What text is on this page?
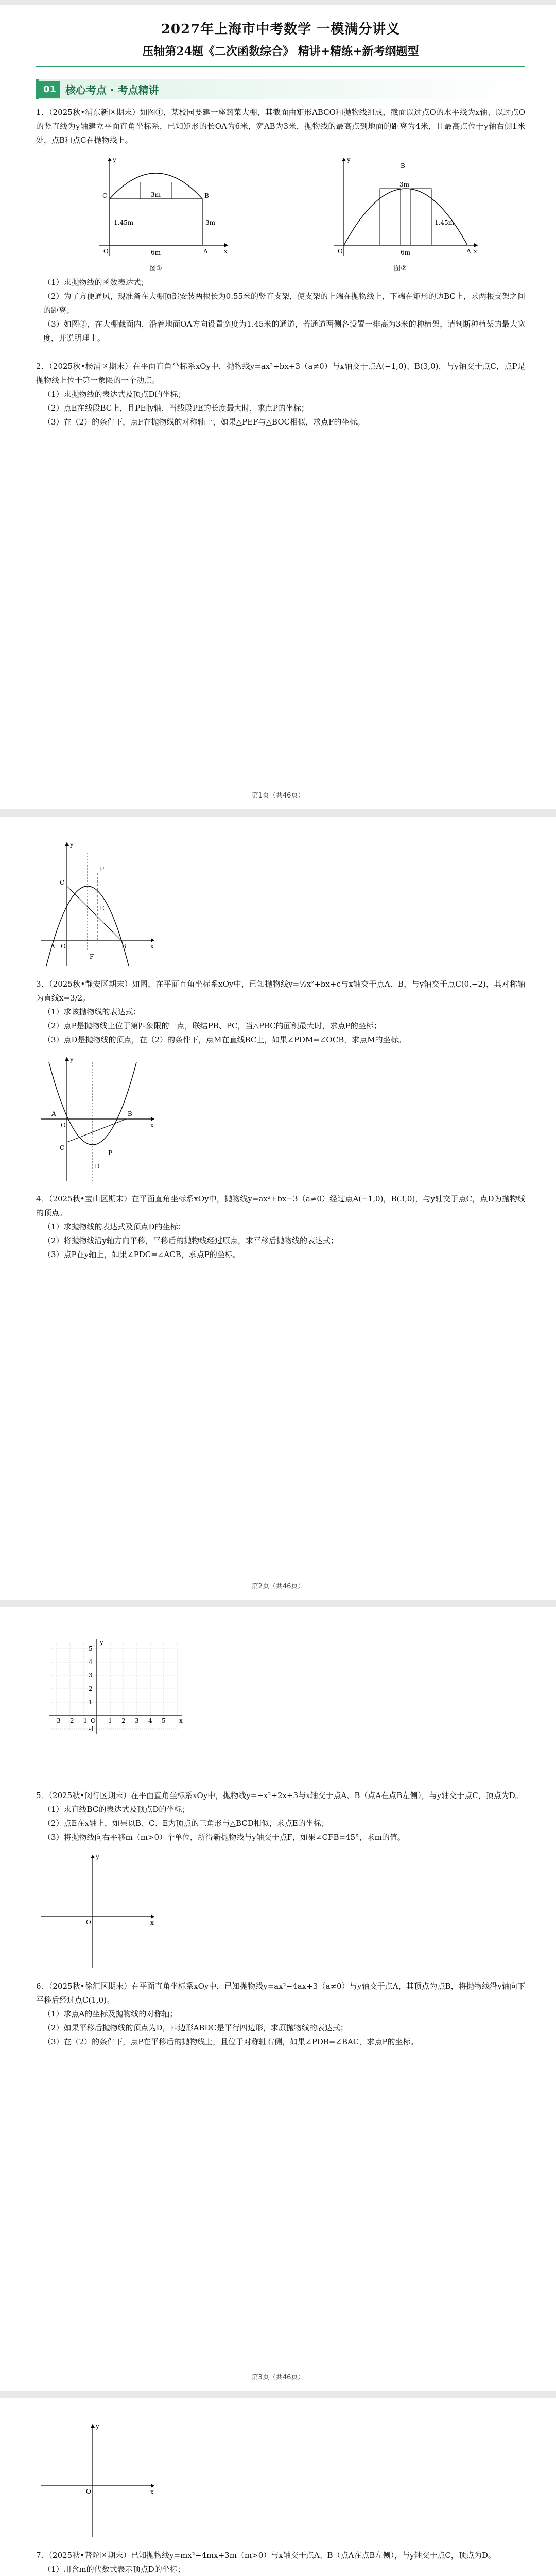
2027年上海市中考数学 一模满分讲义
压轴第24题《二次函数综合》 精讲+精练+新考纲题型
01 核心考点 · 考点精讲

1．（2025秋•浦东新区期末）如图①，某校园要建一座蔬菜大棚，其截面由矩形ABCO和抛物线组成，截面以过点O的水平线为x轴、以过点O的竖直线为y轴建立平面直角坐标系，已知矩形的长OA为6米，宽AB为3米，抛物线的最高点到地面的距离为4米，且最高点位于y轴右侧1米处，点B和点C在抛物线上。

y
x
O	A
B
C
6m
3m
3m
1.45m
图①
y
x
O	A
B
6m
3m
1.45m
图②

（1）求抛物线的函数表达式；

（2）为了方便通风，现准备在大棚顶部安装两根长为0.55米的竖直支架，使支架的上端在抛物线上，下端在矩形的边BC上，求两根支架之间的距离；

（3）如图②，在大棚截面内，沿着地面OA方向设置宽度为1.45米的通道，若通道两侧各设置一排高为3米的种植架，请判断种植架的最大宽度，并说明理由。

2．（2025秋•杨浦区期末）在平面直角坐标系xOy中，抛物线y=ax²+bx+3（a≠0）与x轴交于点A(−1,0)、B(3,0)，与y轴交于点C，点P是抛物线上位于第一象限的一个动点。

（1）求抛物线的表达式及顶点D的坐标；

（2）点E在线段BC上，且PE∥y轴，当线段PE的长度最大时，求点P的坐标；

（3）在（2）的条件下，点F在抛物线的对称轴上，如果△PEF与△BOC相似，求点F的坐标。

第1页（共46页）
y
x
O
A	B
C
P
E
F

3．（2025秋•静安区期末）如图，在平面直角坐标系xOy中，已知抛物线y=½x²+bx+c与x轴交于点A、B，与y轴交于点C(0,−2)，其对称轴为直线x=3/2。

（1）求该抛物线的表达式；

（2）点P是抛物线上位于第四象限的一点，联结PB、PC，当△PBC的面积最大时，求点P的坐标；

（3）点D是抛物线的顶点，在（2）的条件下，点M在直线BC上，如果∠PDM=∠OCB，求点M的坐标。

y
x
O
A	B
C
P
D

4．（2025秋•宝山区期末）在平面直角坐标系xOy中，抛物线y=ax²+bx−3（a≠0）经过点A(−1,0)，B(3,0)，与y轴交于点C，点D为抛物线的顶点。

（1）求抛物线的表达式及顶点D的坐标；

（2）将抛物线沿y轴方向平移，平移后的抛物线经过原点，求平移后抛物线的表达式；

（3）点P在y轴上，如果∠PDC=∠ACB，求点P的坐标。

第2页（共46页）
-3 -2 -1	1 2 3 4 5
-1
1
2
3
4
5
x
y
O

5．（2025秋•闵行区期末）在平面直角坐标系xOy中，抛物线y=−x²+2x+3与x轴交于点A、B（点A在点B左侧），与y轴交于点C，顶点为D。

（1）求直线BC的表达式及顶点D的坐标；

（2）点E在x轴上，如果以B、C、E为顶点的三角形与△BCD相似，求点E的坐标；

（3）将抛物线向右平移m（m>0）个单位，所得新抛物线与y轴交于点F，如果∠CFB=45°，求m的值。

x
y
O

6．（2025秋•徐汇区期末）在平面直角坐标系xOy中，已知抛物线y=ax²−4ax+3（a≠0）与y轴交于点A，其顶点为点B，将抛物线沿y轴向下平移后经过点C(1,0)。

（1）求点A的坐标及抛物线的对称轴；

（2）如果平移后抛物线的顶点为D，四边形ABDC是平行四边形，求原抛物线的表达式；

（3）在（2）的条件下，点P在平移后的抛物线上，且位于对称轴右侧，如果∠PDB=∠BAC，求点P的坐标。

第3页（共46页）
x
y
O

7．（2025秋•普陀区期末）已知抛物线y=mx²−4mx+3m（m>0）与x轴交于点A、B（点A在点B左侧），与y轴交于点C，顶点为D。

（1）用含m的代数式表示顶点D的坐标；
